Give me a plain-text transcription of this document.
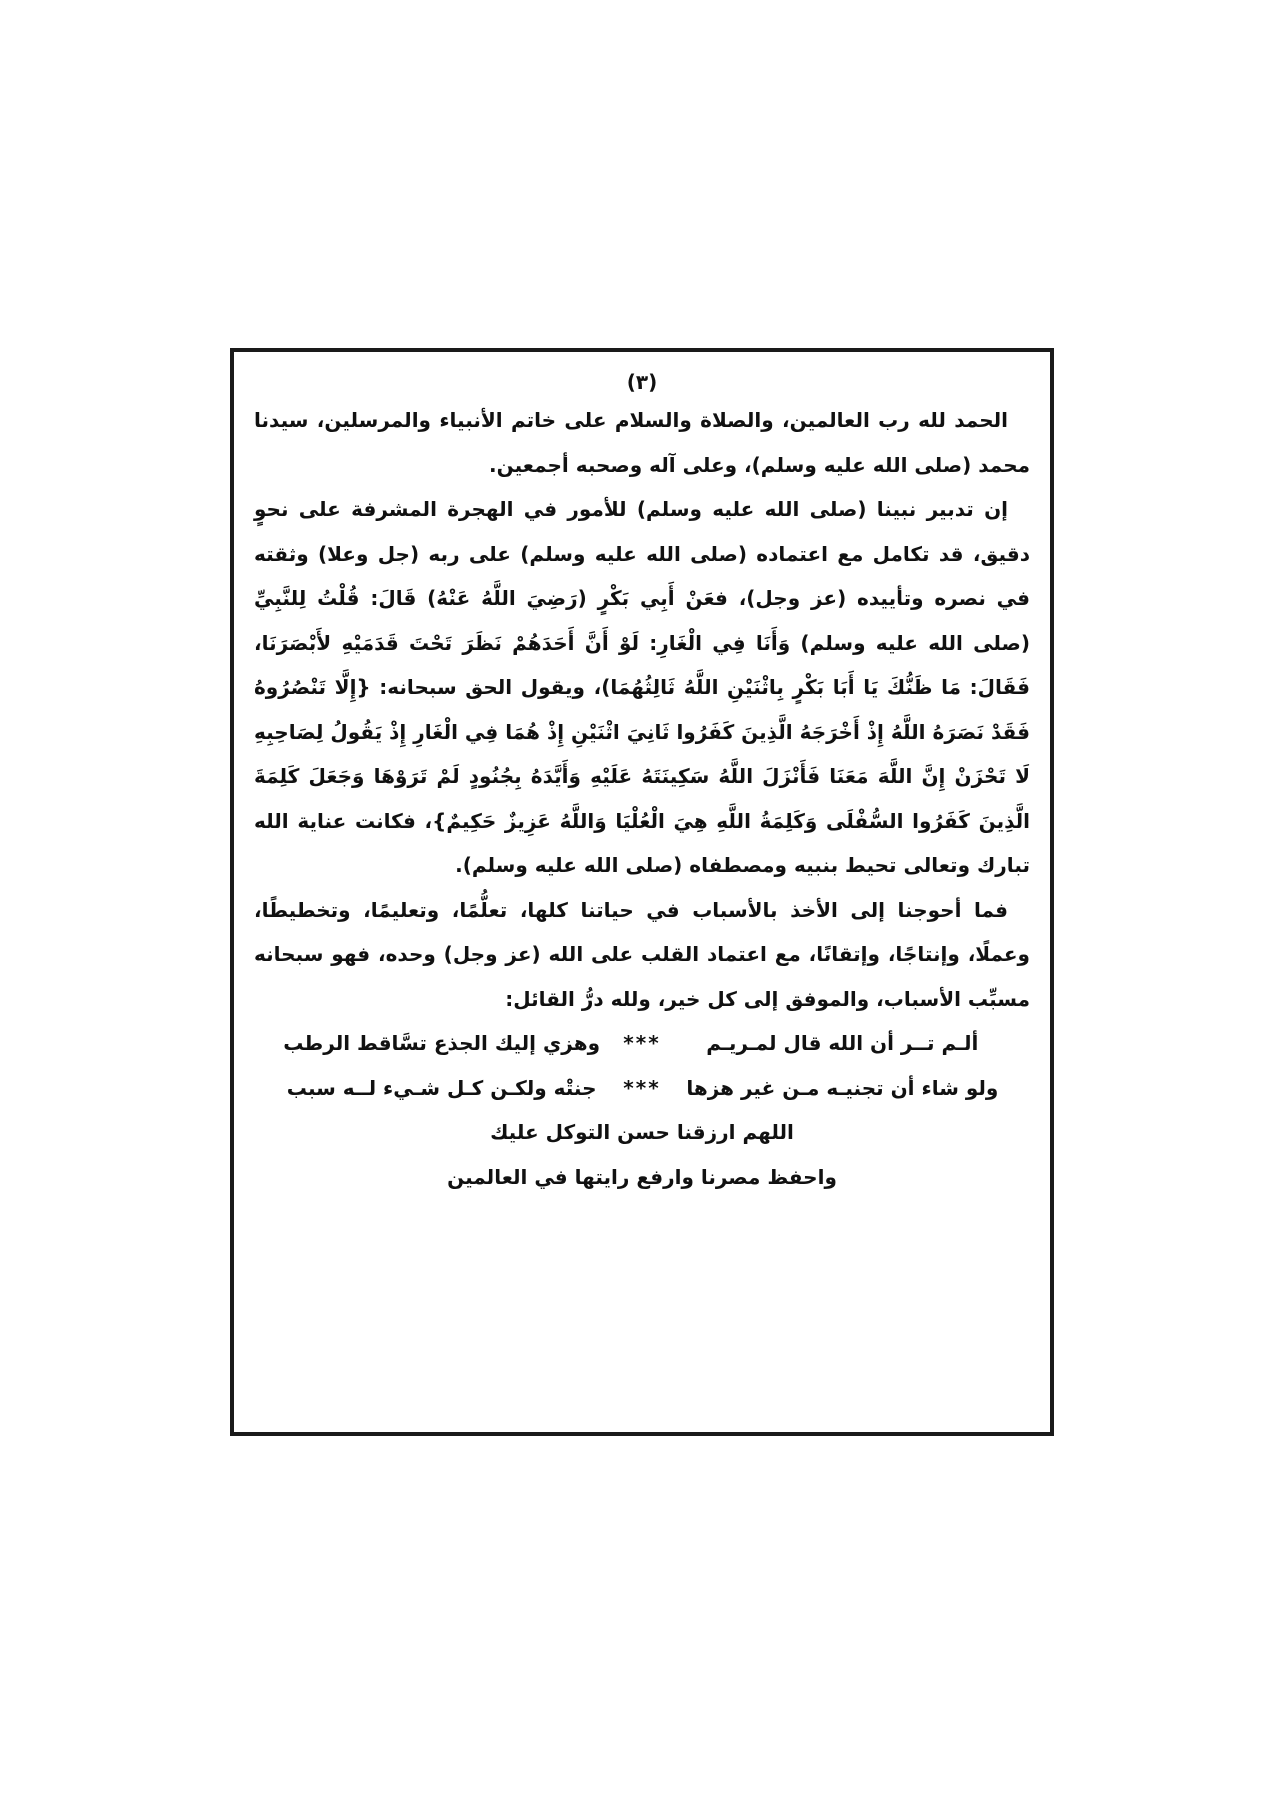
(٣)

الحمد لله رب العالمين، والصلاة والسلام على خاتم الأنبياء والمرسلين، سيدنا محمد (صلى الله عليه وسلم)، وعلى آله وصحبه أجمعين.

إن تدبير نبينا (صلى الله عليه وسلم) للأمور في الهجرة المشرفة على نحوٍ دقيق، قد تكامل مع اعتماده (صلى الله عليه وسلم) على ربه (جل وعلا) وثقته في نصره وتأييده (عز وجل)، فعَنْ أَبِي بَكْرٍ (رَضِيَ اللَّهُ عَنْهُ) قَالَ: قُلْتُ لِلنَّبِيِّ (صلى الله عليه وسلم) وَأَنَا فِي الْغَارِ: لَوْ أَنَّ أَحَدَهُمْ نَظَرَ تَحْتَ قَدَمَيْهِ لأَبْصَرَنَا، فَقَالَ: مَا ظَنُّكَ يَا أَبَا بَكْرٍ بِاثْنَيْنِ اللَّهُ ثَالِثُهُمَا)، ويقول الحق سبحانه: {إِلَّا تَنْصُرُوهُ فَقَدْ نَصَرَهُ اللَّهُ إِذْ أَخْرَجَهُ الَّذِينَ كَفَرُوا ثَانِيَ اثْنَيْنِ إِذْ هُمَا فِي الْغَارِ إِذْ يَقُولُ لِصَاحِبِهِ لَا تَحْزَنْ إِنَّ اللَّهَ مَعَنَا فَأَنْزَلَ اللَّهُ سَكِينَتَهُ عَلَيْهِ وَأَيَّدَهُ بِجُنُودٍ لَمْ تَرَوْهَا وَجَعَلَ كَلِمَةَ الَّذِينَ كَفَرُوا السُّفْلَى وَكَلِمَةُ اللَّهِ هِيَ الْعُلْيَا وَاللَّهُ عَزِيزٌ حَكِيمٌ}، فكانت عناية الله تبارك وتعالى تحيط بنبيه ومصطفاه (صلى الله عليه وسلم).

فما أحوجنا إلى الأخذ بالأسباب في حياتنا كلها، تعلُّمًا، وتعليمًا، وتخطيطًا، وعملًا، وإنتاجًا، وإتقانًا، مع اعتماد القلب على الله (عز وجل) وحده، فهو سبحانه مسبِّب الأسباب، والموفق إلى كل خير، ولله درُّ القائل:

ألـم تــر أن الله قال لمـريـم
***
وهزي إليك الجذع تسَّاقط الرطب
ولو شاء أن تجنيـه مـن غير هزها
***
جنتْه ولكـن كـل شـيء لــه سبب

اللهم ارزقنا حسن التوكل عليك

واحفظ مصرنا وارفع رايتها في العالمين
